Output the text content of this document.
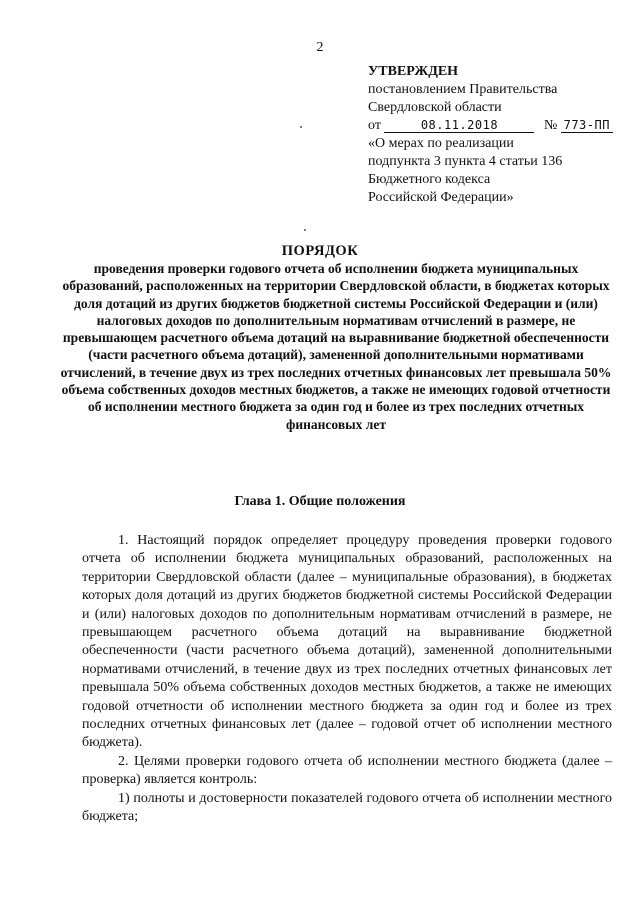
2
УТВЕРЖДЕН
постановлением Правительства
Свердловской области
от	08.11.2018	№ 773-ПП
«О мерах по реализации
подпункта 3 пункта 4 статьи 136
Бюджетного кодекса
Российской Федерации»
ПОРЯДОК
проведения проверки годового отчета об исполнении бюджета муниципальных образований, расположенных на территории Свердловской области, в бюджетах которых доля дотаций из других бюджетов бюджетной системы Российской Федерации и (или) налоговых доходов по дополнительным нормативам отчислений в размере, не превышающем расчетного объема дотаций на выравнивание бюджетной обеспеченности (части расчетного объема дотаций), замененной дополнительными нормативами отчислений, в течение двух из трех последних отчетных финансовых лет превышала 50% объема собственных доходов местных бюджетов, а также не имеющих годовой отчетности об исполнении местного бюджета за один год и более из трех последних отчетных финансовых лет
Глава 1. Общие положения

1. Настоящий порядок определяет процедуру проведения проверки годового отчета об исполнении бюджета муниципальных образований, расположенных на территории Свердловской области (далее – муниципальные образования), в бюджетах которых доля дотаций из других бюджетов бюджетной системы Российской Федерации и (или) налоговых доходов по дополнительным нормативам отчислений в размере, не превышающем расчетного объема дотаций на выравнивание бюджетной обеспеченности (части расчетного объема дотаций), замененной дополнительными нормативами отчислений, в течение двух из трех последних отчетных финансовых лет превышала 50% объема собственных доходов местных бюджетов, а также не имеющих годовой отчетности об исполнении местного бюджета за один год и более из трех последних отчетных финансовых лет (далее – годовой отчет об исполнении местного бюджета).

2. Целями проверки годового отчета об исполнении местного бюджета (далее – проверка) является контроль:

1) полноты и достоверности показателей годового отчета об исполнении местного бюджета;
